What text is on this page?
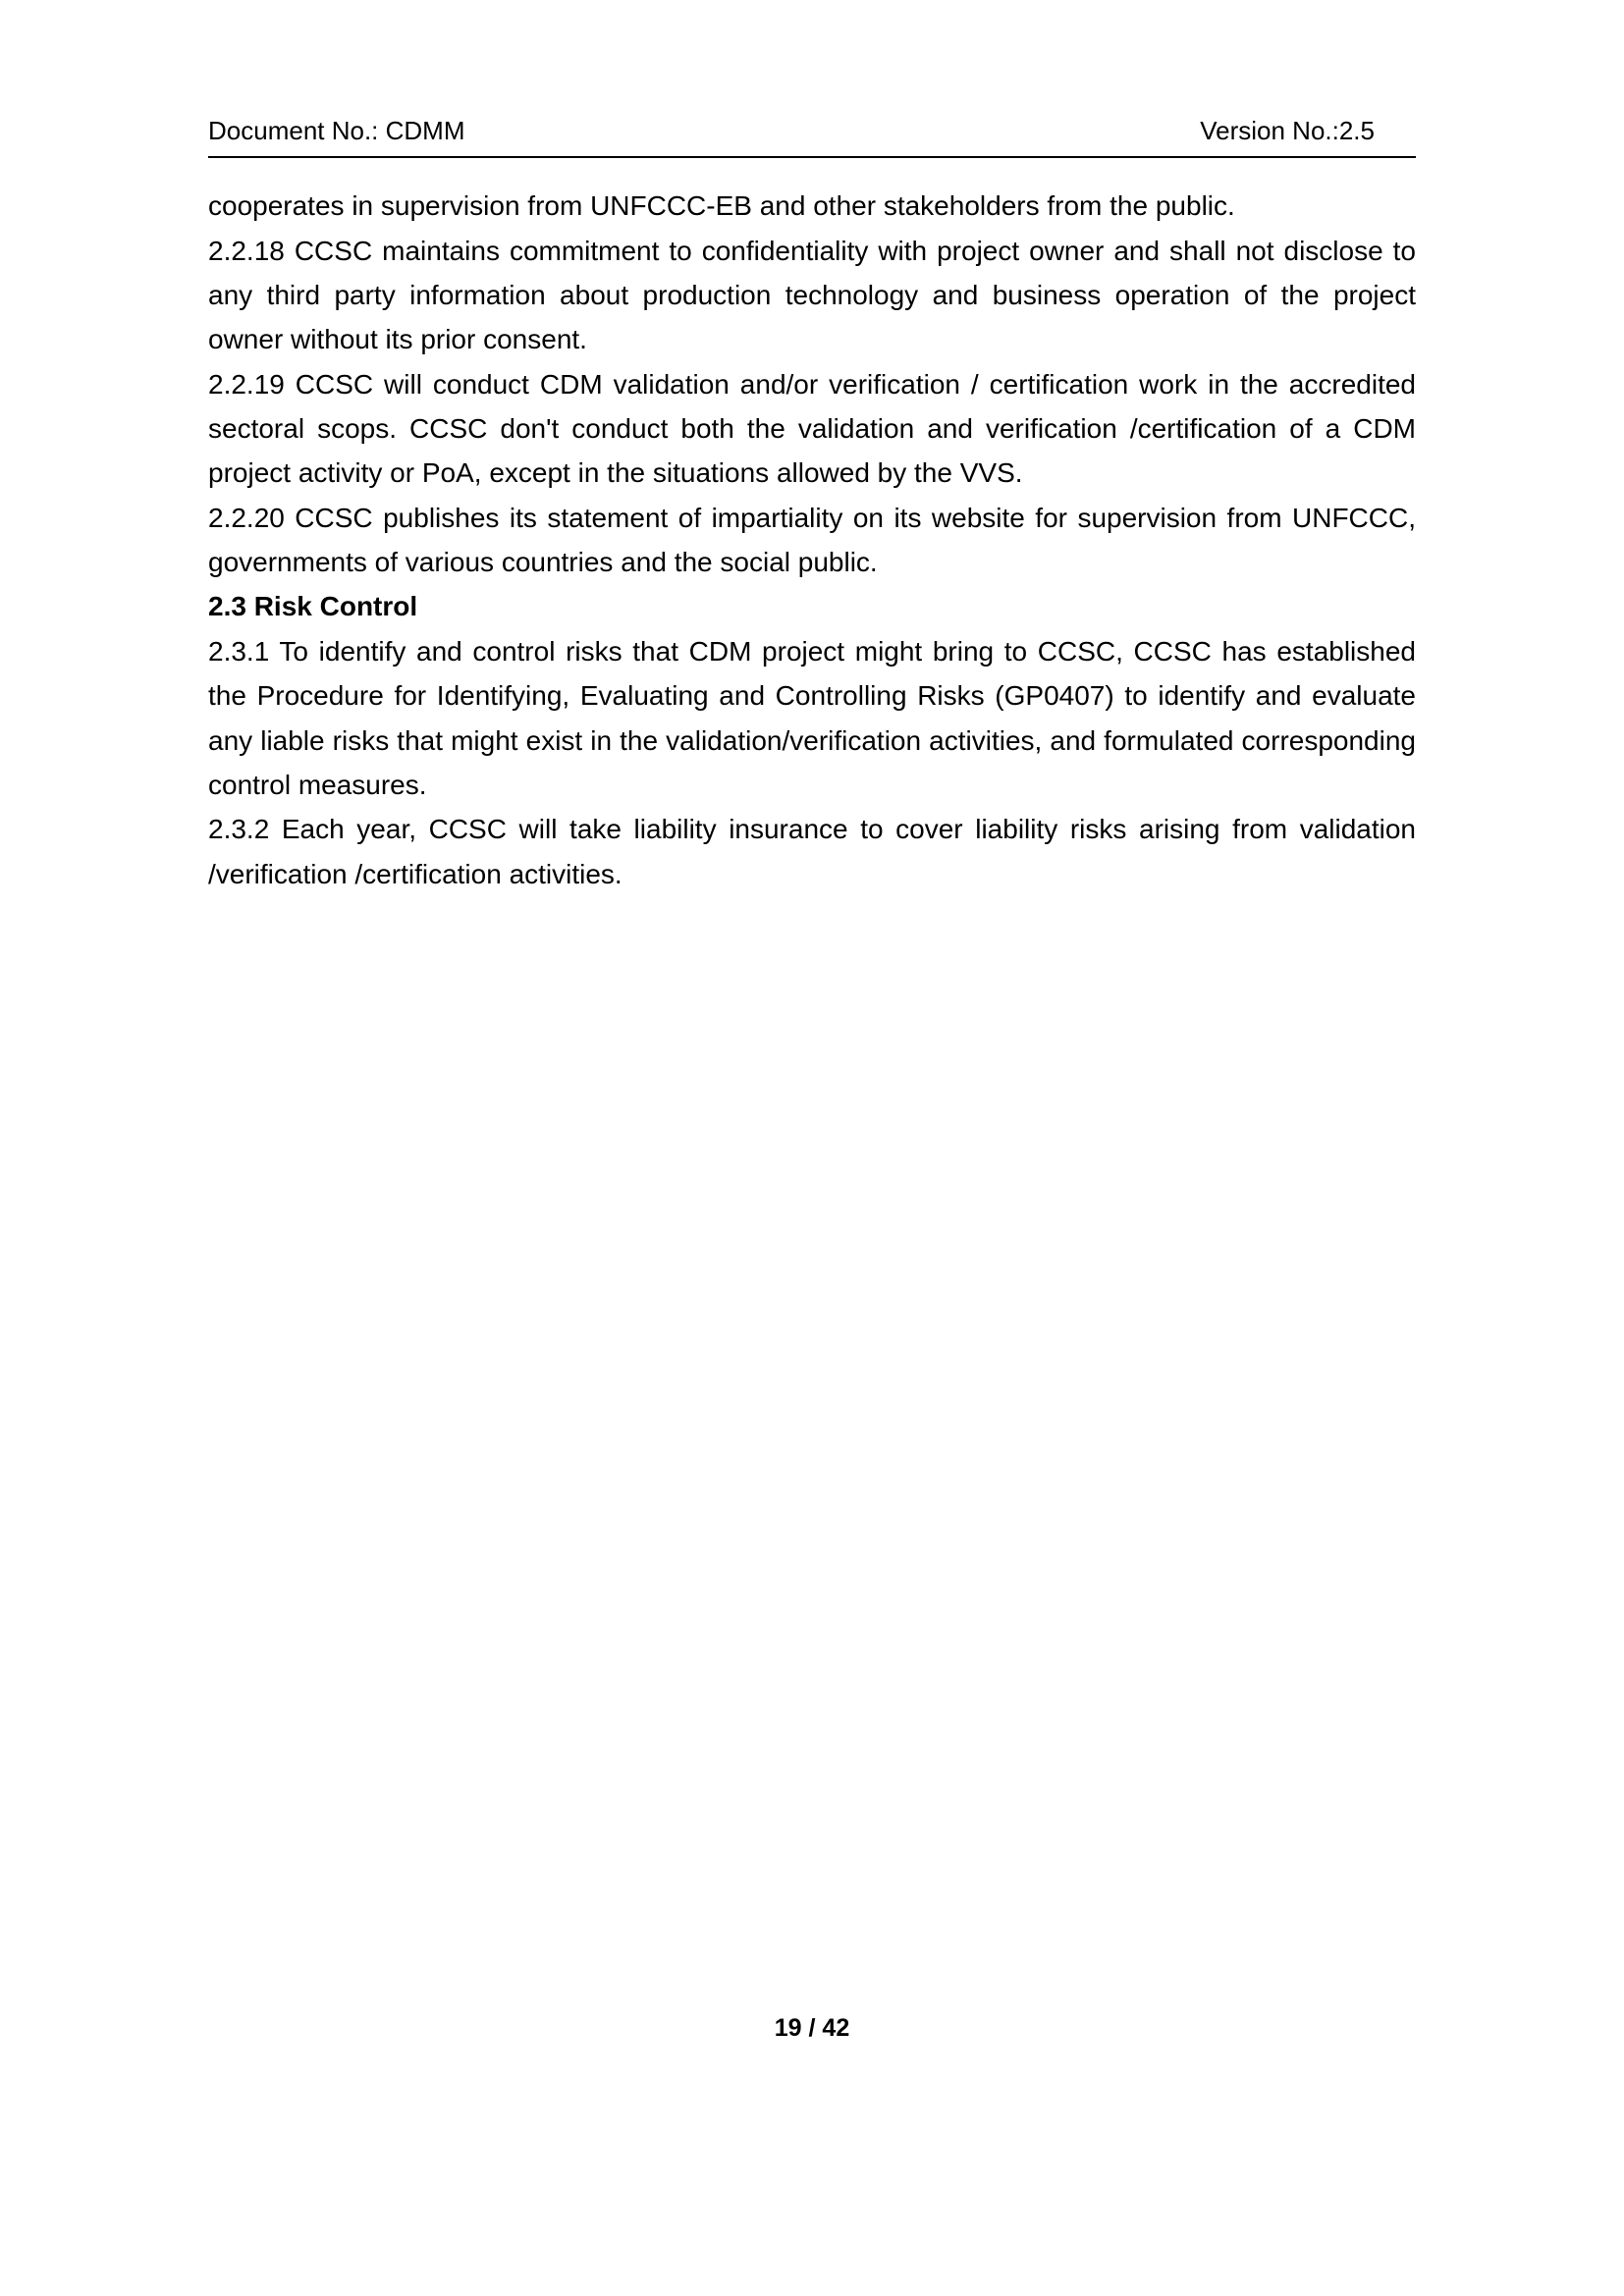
Document No.: CDMM	Version No.:2.5

cooperates in supervision from UNFCCC-EB and other stakeholders from the public.

2.2.18 CCSC maintains commitment to confidentiality with project owner and shall not disclose to any third party information about production technology and business operation of the project owner without its prior consent.

2.2.19 CCSC will conduct CDM validation and/or verification / certification work in the accredited sectoral scops. CCSC don't conduct both the validation and verification /certification of a CDM project activity or PoA, except in the situations allowed by the VVS.

2.2.20 CCSC publishes its statement of impartiality on its website for supervision from UNFCCC, governments of various countries and the social public.

2.3 Risk Control

2.3.1 To identify and control risks that CDM project might bring to CCSC, CCSC has established the Procedure for Identifying, Evaluating and Controlling Risks (GP0407) to identify and evaluate any liable risks that might exist in the validation/verification activities, and formulated corresponding control measures.

2.3.2 Each year, CCSC will take liability insurance to cover liability risks arising from validation /verification /certification activities.

19 / 42
